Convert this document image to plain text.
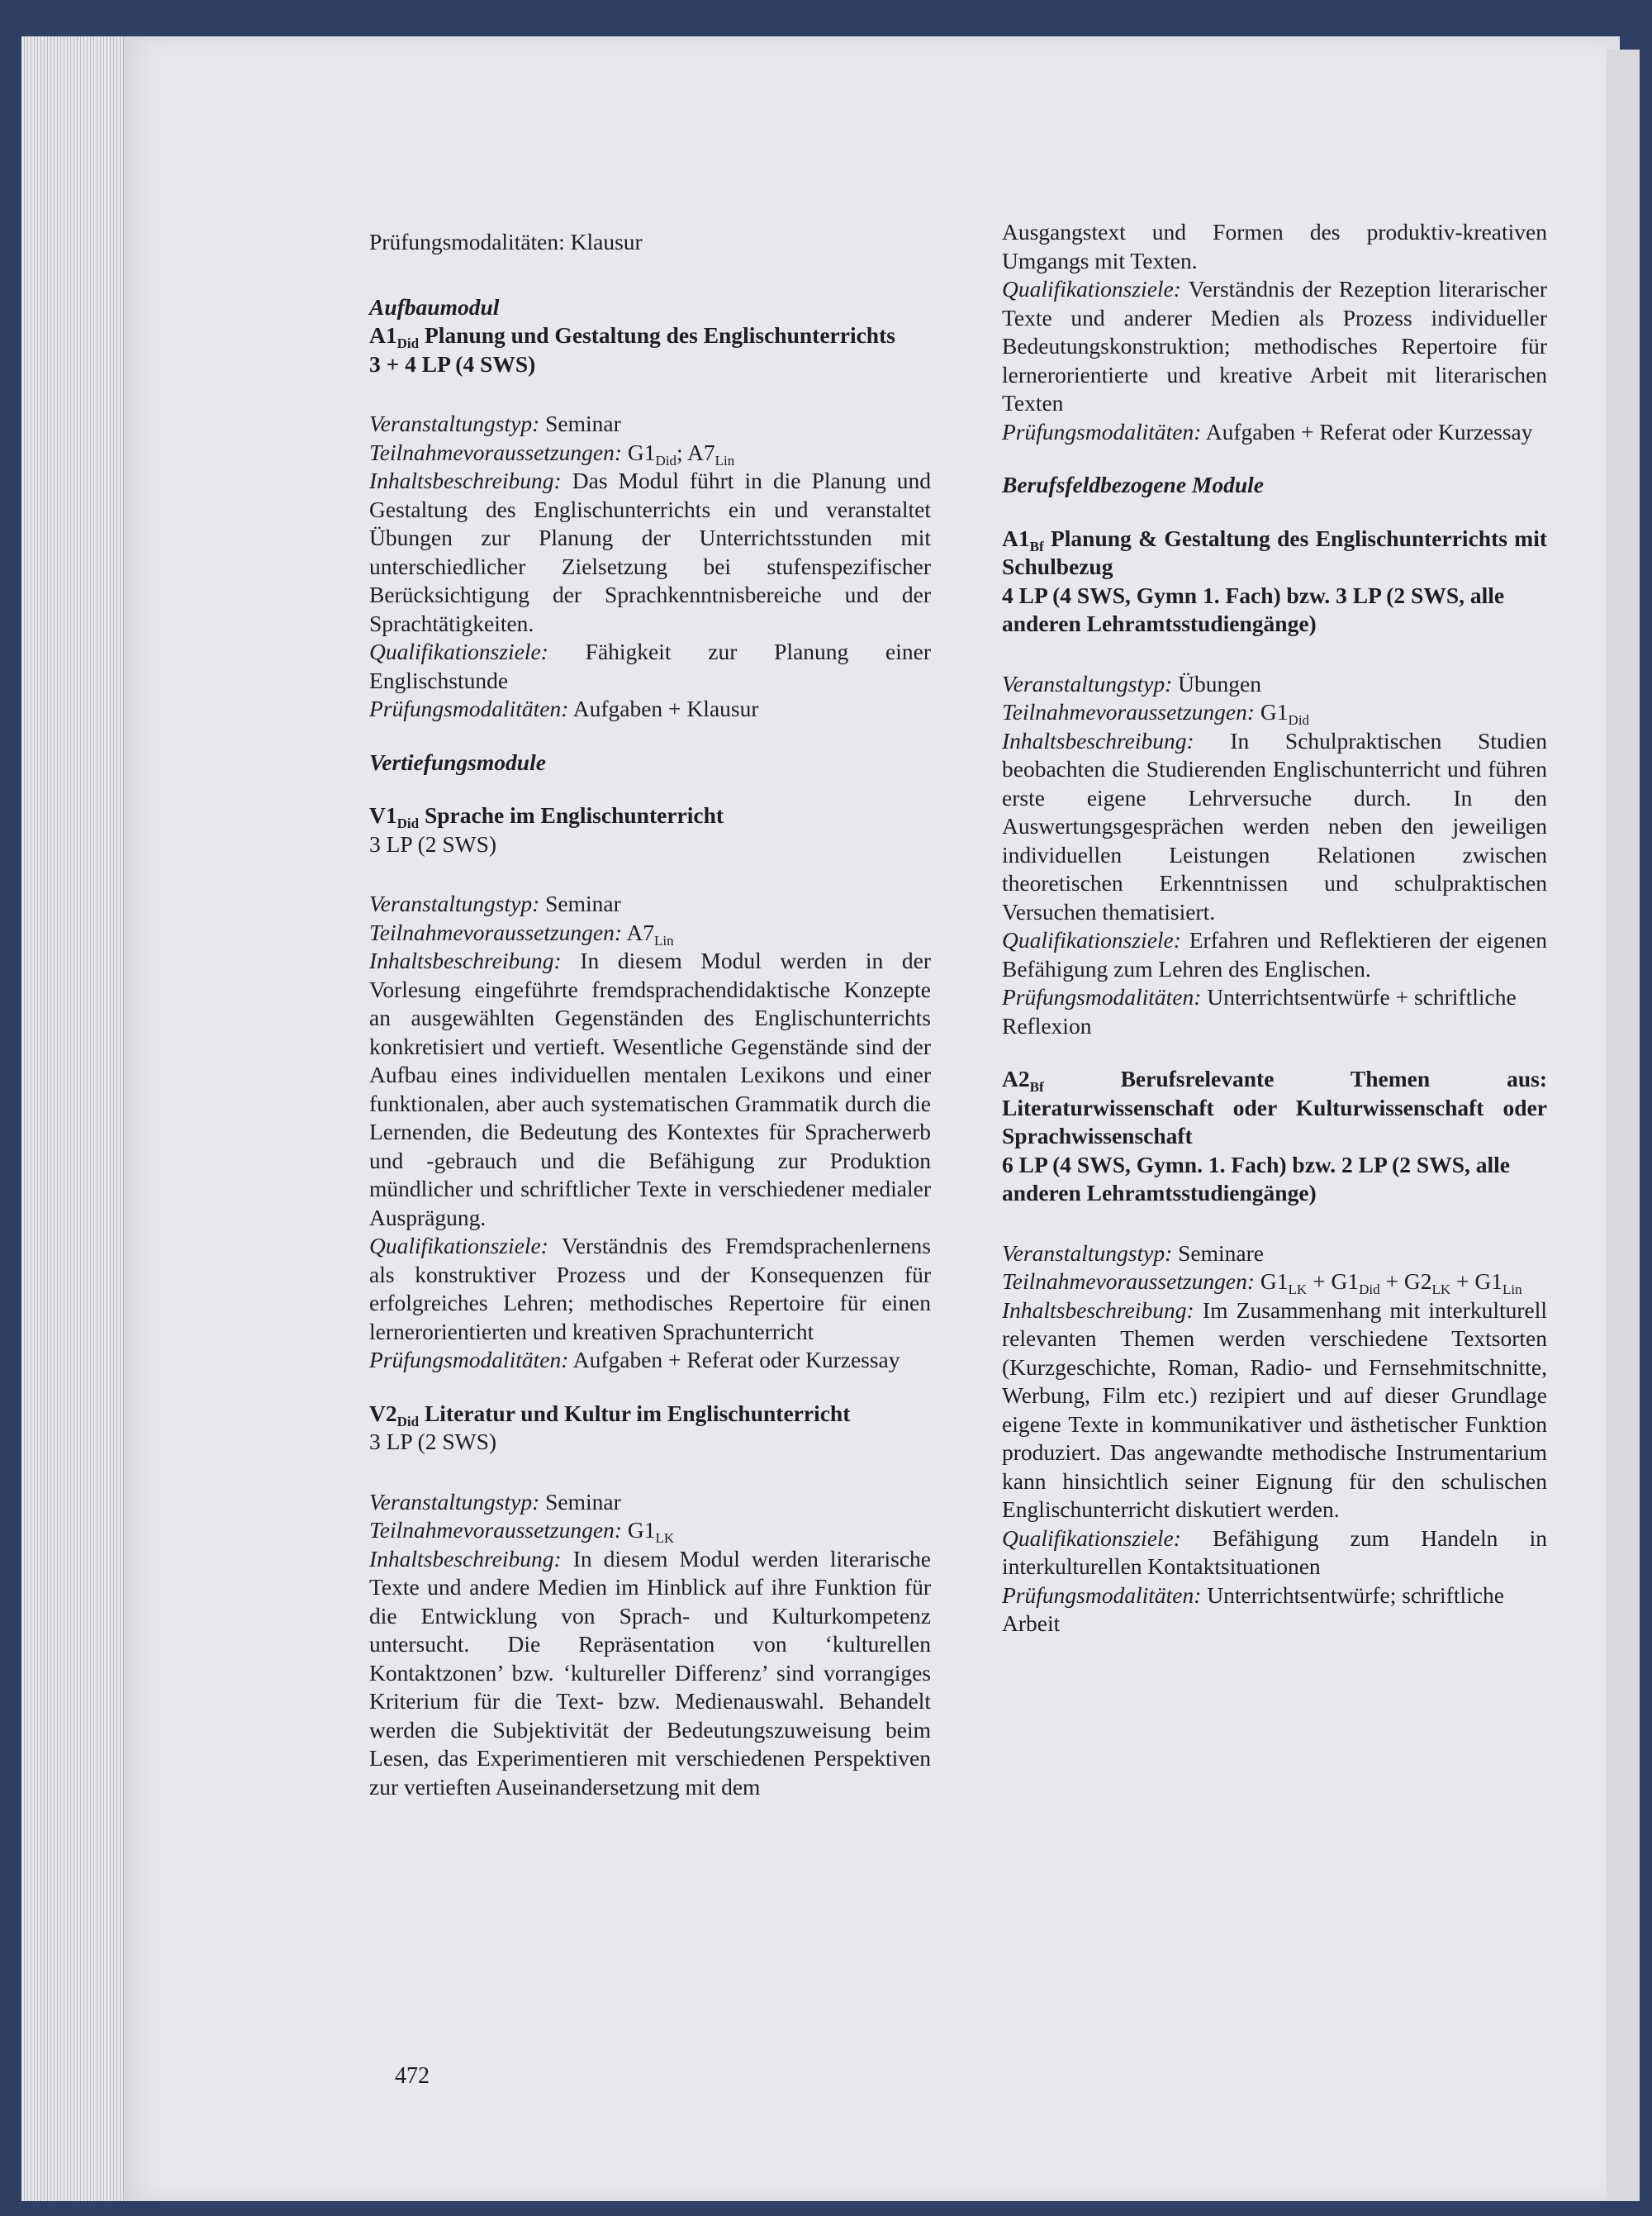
Prüfungsmodalitäten: Klausur

Aufbaumodul

$A1_{Did}$ Planung und Gestaltung des Englischunterrichts

3 + 4 LP (4 SWS)

Veranstaltungstyp: Seminar

Teilnahmevoraussetzungen: $G1_{Did}$; $A7_{Lin}$

Inhaltsbeschreibung: Das Modul führt in die Planung und Gestaltung des Englischunterrichts ein und veranstaltet Übungen zur Planung der Unterrichtsstunden mit unterschiedlicher Zielsetzung bei stufenspezifischer Berücksichtigung der Sprachkenntnisbereiche und der Sprachtätigkeiten.

Qualifikationsziele: Fähigkeit zur Planung einer Englischstunde

Prüfungsmodalitäten: Aufgaben + Klausur

Vertiefungsmodule

$V1_{Did}$ Sprache im Englischunterricht

3 LP (2 SWS)

Veranstaltungstyp: Seminar

Teilnahmevoraussetzungen: $A7_{Lin}$

Inhaltsbeschreibung: In diesem Modul werden in der Vorlesung eingeführte fremdsprachendidaktische Konzepte an ausgewählten Gegenständen des Englischunterrichts konkretisiert und vertieft. Wesentliche Gegenstände sind der Aufbau eines individuellen mentalen Lexikons und einer funktionalen, aber auch systematischen Grammatik durch die Lernenden, die Bedeutung des Kontextes für Spracherwerb und -gebrauch und die Befähigung zur Produktion mündlicher und schriftlicher Texte in verschiedener medialer Ausprägung.

Qualifikationsziele: Verständnis des Fremdsprachenlernens als konstruktiver Prozess und der Konsequenzen für erfolgreiches Lehren; methodisches Repertoire für einen lernerorientierten und kreativen Sprachunterricht

Prüfungsmodalitäten: Aufgaben + Referat oder Kurzessay

$V2_{Did}$ Literatur und Kultur im Englischunterricht

3 LP (2 SWS)

Veranstaltungstyp: Seminar

Teilnahmevoraussetzungen: $G1_{LK}$

Inhaltsbeschreibung: In diesem Modul werden literarische Texte und andere Medien im Hinblick auf ihre Funktion für die Entwicklung von Sprach- und Kulturkompetenz untersucht. Die Repräsentation von ‘kulturellen Kontaktzonen’ bzw. ‘kultureller Differenz’ sind vorrangiges Kriterium für die Text- bzw. Medienauswahl. Behandelt werden die Subjektivität der Bedeutungszuweisung beim Lesen, das Experimentieren mit verschiedenen Perspektiven zur vertieften Auseinandersetzung mit dem

Ausgangstext und Formen des produktiv-kreativen Umgangs mit Texten.

Qualifikationsziele: Verständnis der Rezeption literarischer Texte und anderer Medien als Prozess individueller Bedeutungskonstruktion; methodisches Repertoire für lernerorientierte und kreative Arbeit mit literarischen Texten

Prüfungsmodalitäten: Aufgaben + Referat oder Kurzessay

Berufsfeldbezogene Module

$A1_{Bf}$ Planung & Gestaltung des Englischunterrichts mit Schulbezug

4 LP (4 SWS, Gymn 1. Fach) bzw. 3 LP (2 SWS, alle anderen Lehramtsstudiengänge)

Veranstaltungstyp: Übungen

Teilnahmevoraussetzungen: $G1_{Did}$

Inhaltsbeschreibung: In Schulpraktischen Studien beobachten die Studierenden Englischunterricht und führen erste eigene Lehrversuche durch. In den Auswertungsgesprächen werden neben den jeweiligen individuellen Leistungen Relationen zwischen theoretischen Erkenntnissen und schulpraktischen Versuchen thematisiert.

Qualifikationsziele: Erfahren und Reflektieren der eigenen Befähigung zum Lehren des Englischen.

Prüfungsmodalitäten: Unterrichtsentwürfe + schriftliche Reflexion

$A2_{Bf}$	Berufsrelevante Themen aus: Literaturwissenschaft oder Kulturwissenschaft oder Sprachwissenschaft

6 LP (4 SWS, Gymn. 1. Fach) bzw. 2 LP (2 SWS, alle anderen Lehramtsstudiengänge)

Veranstaltungstyp: Seminare

Teilnahmevoraussetzungen: $G1_{LK} + G1_{Did} + G2_{LK} + G1_{Lin}$

Inhaltsbeschreibung: Im Zusammenhang mit interkulturell relevanten Themen werden verschiedene Textsorten (Kurzgeschichte, Roman, Radio- und Fernsehmitschnitte, Werbung, Film etc.) rezipiert und auf dieser Grundlage eigene Texte in kommunikativer und ästhetischer Funktion produziert. Das angewandte methodische Instrumentarium kann hinsichtlich seiner Eignung für den schulischen Englischunterricht diskutiert werden.

Qualifikationsziele: Befähigung zum Handeln in interkulturellen Kontaktsituationen

Prüfungsmodalitäten: Unterrichtsentwürfe; schriftliche Arbeit

472
